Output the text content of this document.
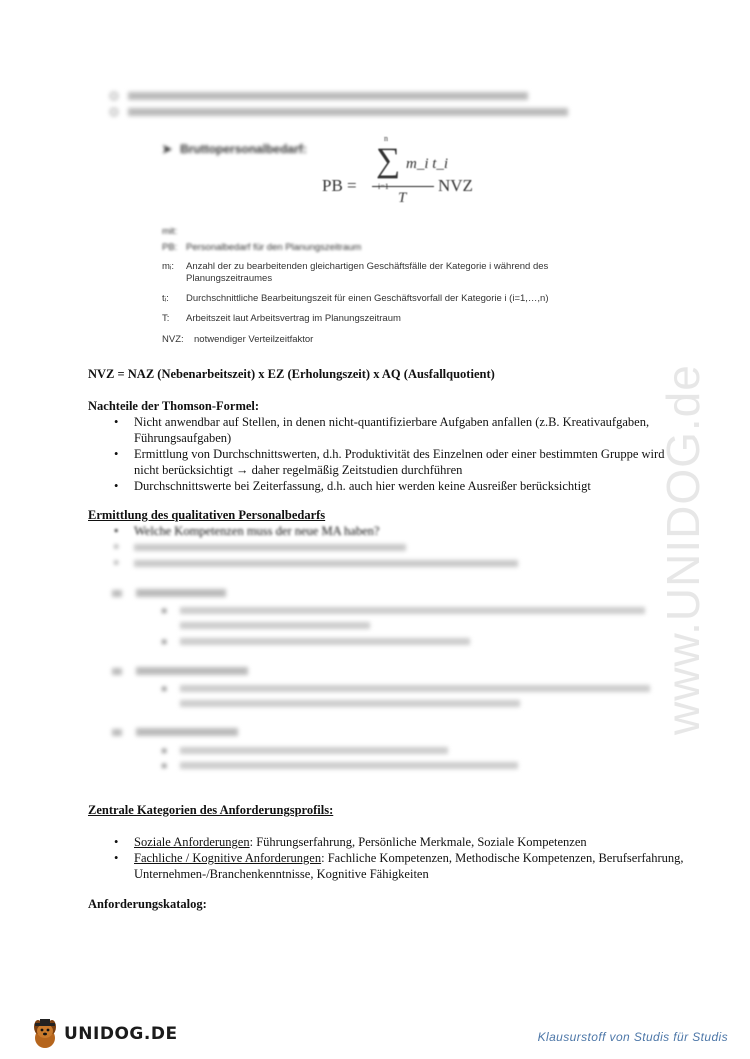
www.UNIDOG.de
➤ Bruttopersonalbedarf:
PB =
∑
n
m_i t_i
T
NVZ
mit:
PB: Personalbedarf für den Planungszeitraum
mᵢ: Anzahl der zu bearbeitenden gleichartigen Geschäftsfälle der Kategorie i während des Planungszeitraumes
tᵢ: Durchschnittliche Bearbeitungszeit für einen Geschäftsvorfall der Kategorie i (i=1,…,n)
T: Arbeitszeit laut Arbeitsvertrag im Planungszeitraum
NVZ: notwendiger Verteilzeitfaktor
NVZ = NAZ (Nebenarbeitszeit) x EZ (Erholungszeit) x AQ (Ausfallquotient)
Nachteile der Thomson-Formel:
• Nicht anwendbar auf Stellen, in denen nicht-quantifizierbare Aufgaben anfallen (z.B. Kreativaufgaben, Führungsaufgaben)
• Ermittlung von Durchschnittswerten, d.h. Produktivität des Einzelnen oder einer bestimmten Gruppe wird nicht berücksichtigt → daher regelmäßig Zeitstudien durchführen
• Durchschnittswerte bei Zeiterfassung, d.h. auch hier werden keine Ausreißer berücksichtigt
Ermittlung des qualitativen Personalbedarfs
• Welche Kompetenzen muss der neue MA haben?
•
•
■
■
■
■
■
Zentrale Kategorien des Anforderungsprofils:
• Soziale Anforderungen: Führungserfahrung, Persönliche Merkmale, Soziale Kompetenzen
• Fachliche / Kognitive Anforderungen: Fachliche Kompetenzen, Methodische Kompetenzen, Berufserfahrung, Unternehmen-/Branchenkenntnisse, Kognitive Fähigkeiten
Anforderungskatalog:
UNIDOG.DE	Klausurstoff von Studis für Studis
